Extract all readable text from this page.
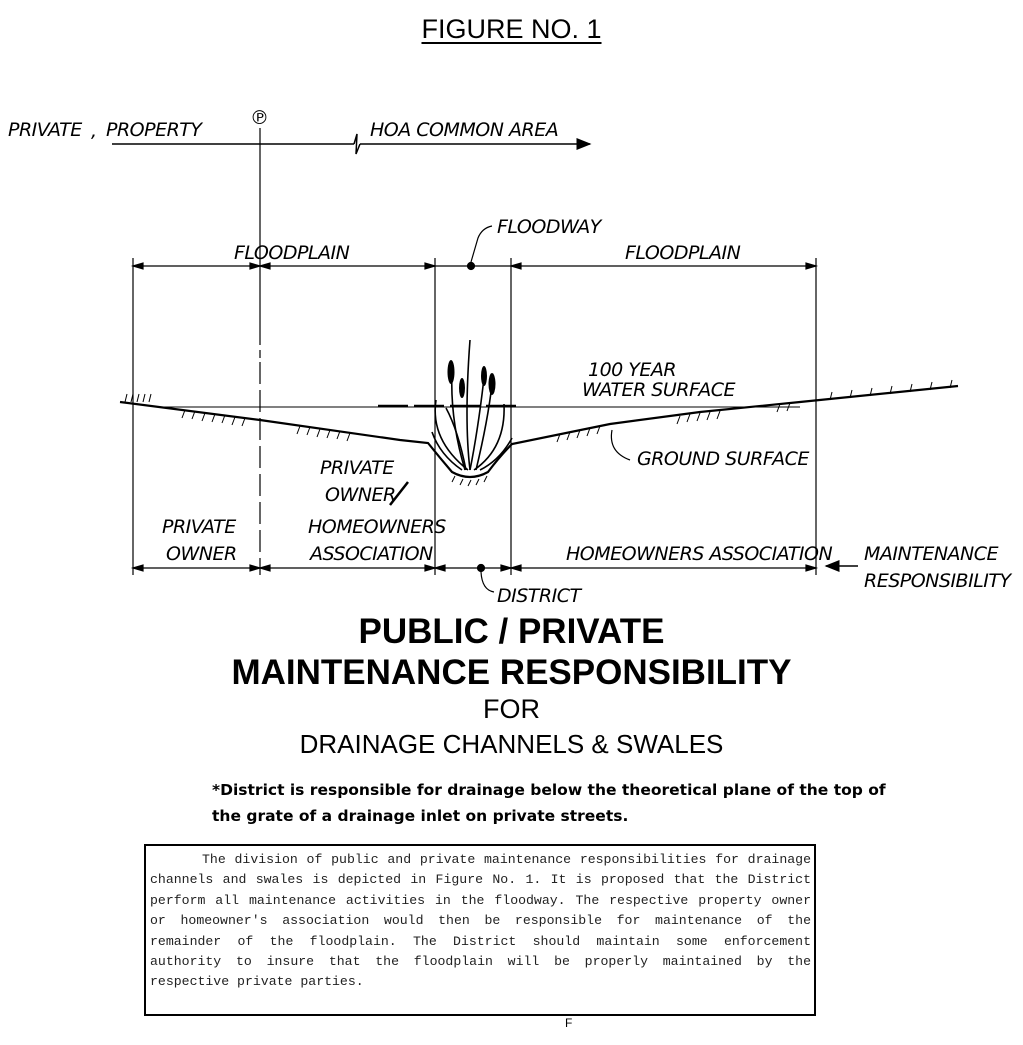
FIGURE NO. 1
PRIVATE , PROPERTY
℗
HOA COMMON AREA
FLOODWAY
FLOODPLAIN	FLOODPLAIN
100 YEAR
WATER SURFACE
GROUND SURFACE
PRIVATE
OWNER
HOMEOWNERS
ASSOCIATION
PRIVATE
OWNER	HOMEOWNERS ASSOCIATION
DISTRICT
MAINTENANCE
RESPONSIBILITY
PUBLIC / PRIVATE
MAINTENANCE RESPONSIBILITY
FOR
DRAINAGE CHANNELS & SWALES
*District is responsible for drainage below the theoretical plane of the top of the grate of a drainage inlet on private streets.

The division of public and private maintenance responsibilities for drainage channels and swales is depicted in Figure No. 1. It is proposed that the District perform all maintenance activities in the floodway. The respective property owner or homeowner's association would then be responsible for maintenance of the remainder of the floodplain. The District should maintain some enforcement authority to insure that the floodplain will be properly maintained by the respective private parties.

F
